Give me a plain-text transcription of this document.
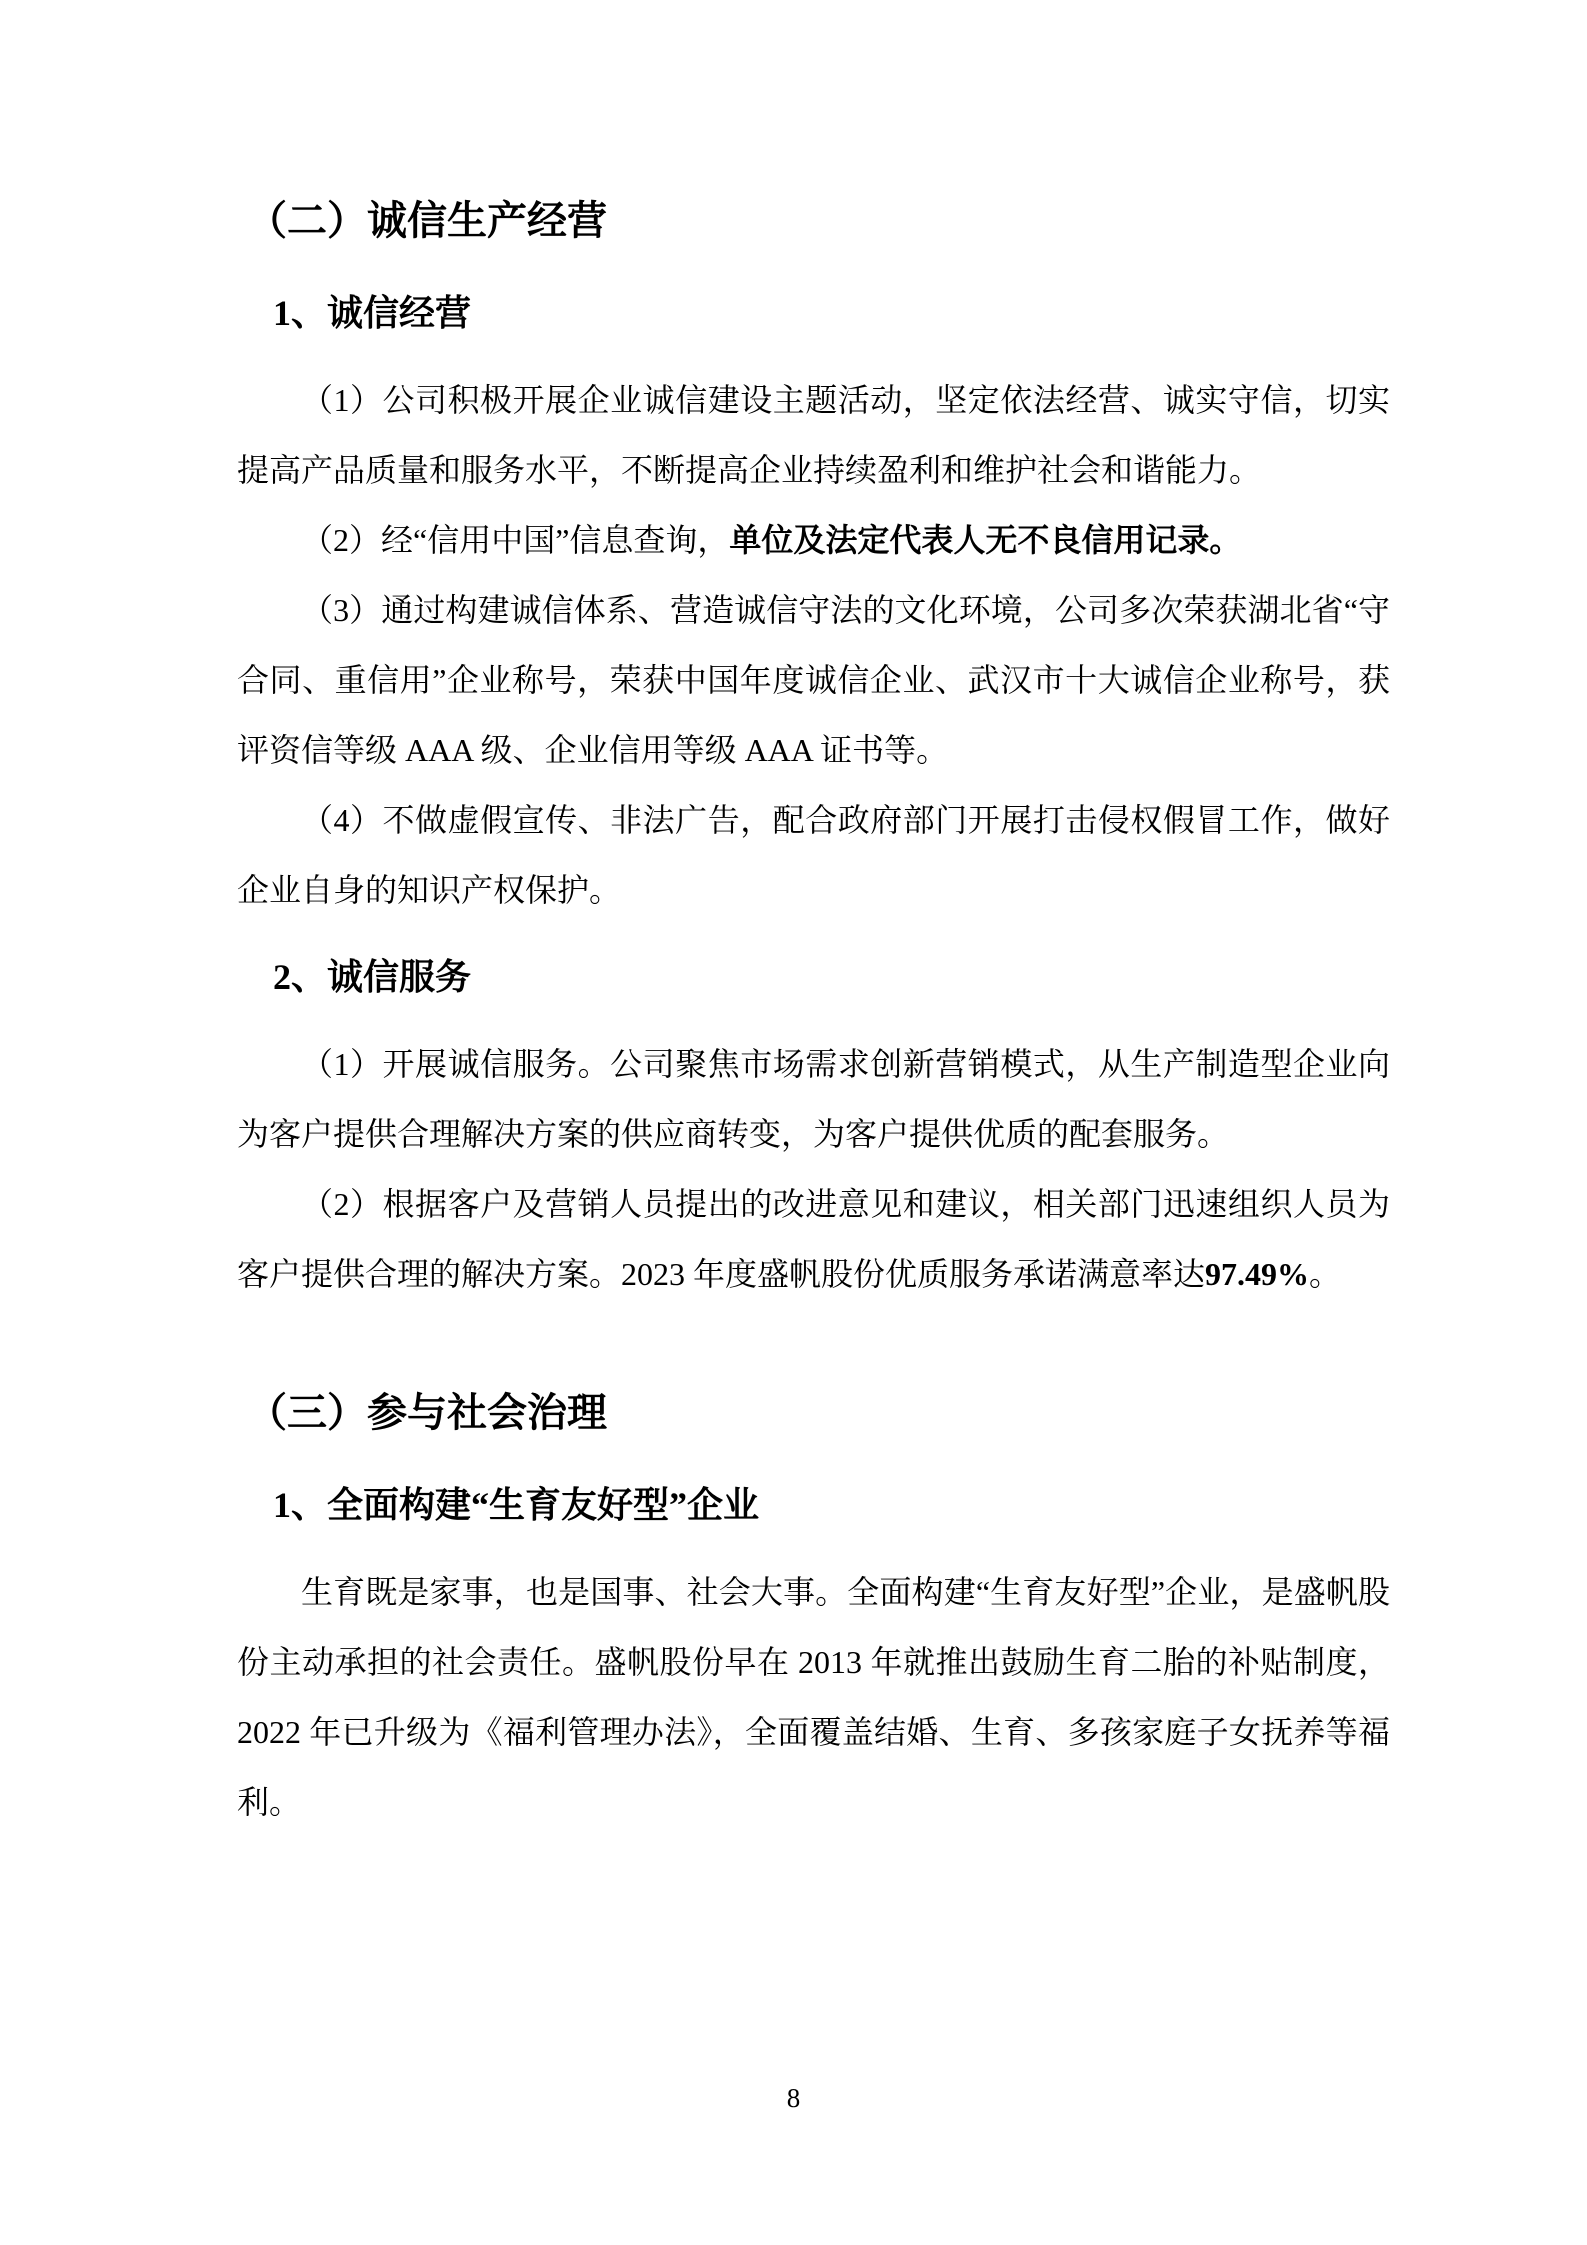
（二）诚信生产经营
1、诚信经营

（1）公司积极开展企业诚信建设主题活动，坚定依法经营、诚实守信，切实提高产品质量和服务水平，不断提高企业持续盈利和维护社会和谐能力。

（2）经“信用中国”信息查询，单位及法定代表人无不良信用记录。

（3）通过构建诚信体系、营造诚信守法的文化环境，公司多次荣获湖北省“守合同、重信用”企业称号，荣获中国年度诚信企业、武汉市十大诚信企业称号，获评资信等级 AAA 级、企业信用等级 AAA 证书等。

（4）不做虚假宣传、非法广告，配合政府部门开展打击侵权假冒工作，做好企业自身的知识产权保护。

2、诚信服务

（1）开展诚信服务。公司聚焦市场需求创新营销模式，从生产制造型企业向为客户提供合理解决方案的供应商转变，为客户提供优质的配套服务。

（2）根据客户及营销人员提出的改进意见和建议，相关部门迅速组织人员为客户提供合理的解决方案。2023 年度盛帆股份优质服务承诺满意率达97.49%。

（三）参与社会治理
1、全面构建“生育友好型”企业

生育既是家事，也是国事、社会大事。全面构建“生育友好型”企业，是盛帆股份主动承担的社会责任。盛帆股份早在 2013 年就推出鼓励生育二胎的补贴制度，2022 年已升级为《福利管理办法》，全面覆盖结婚、生育、多孩家庭子女抚养等福利。

8
